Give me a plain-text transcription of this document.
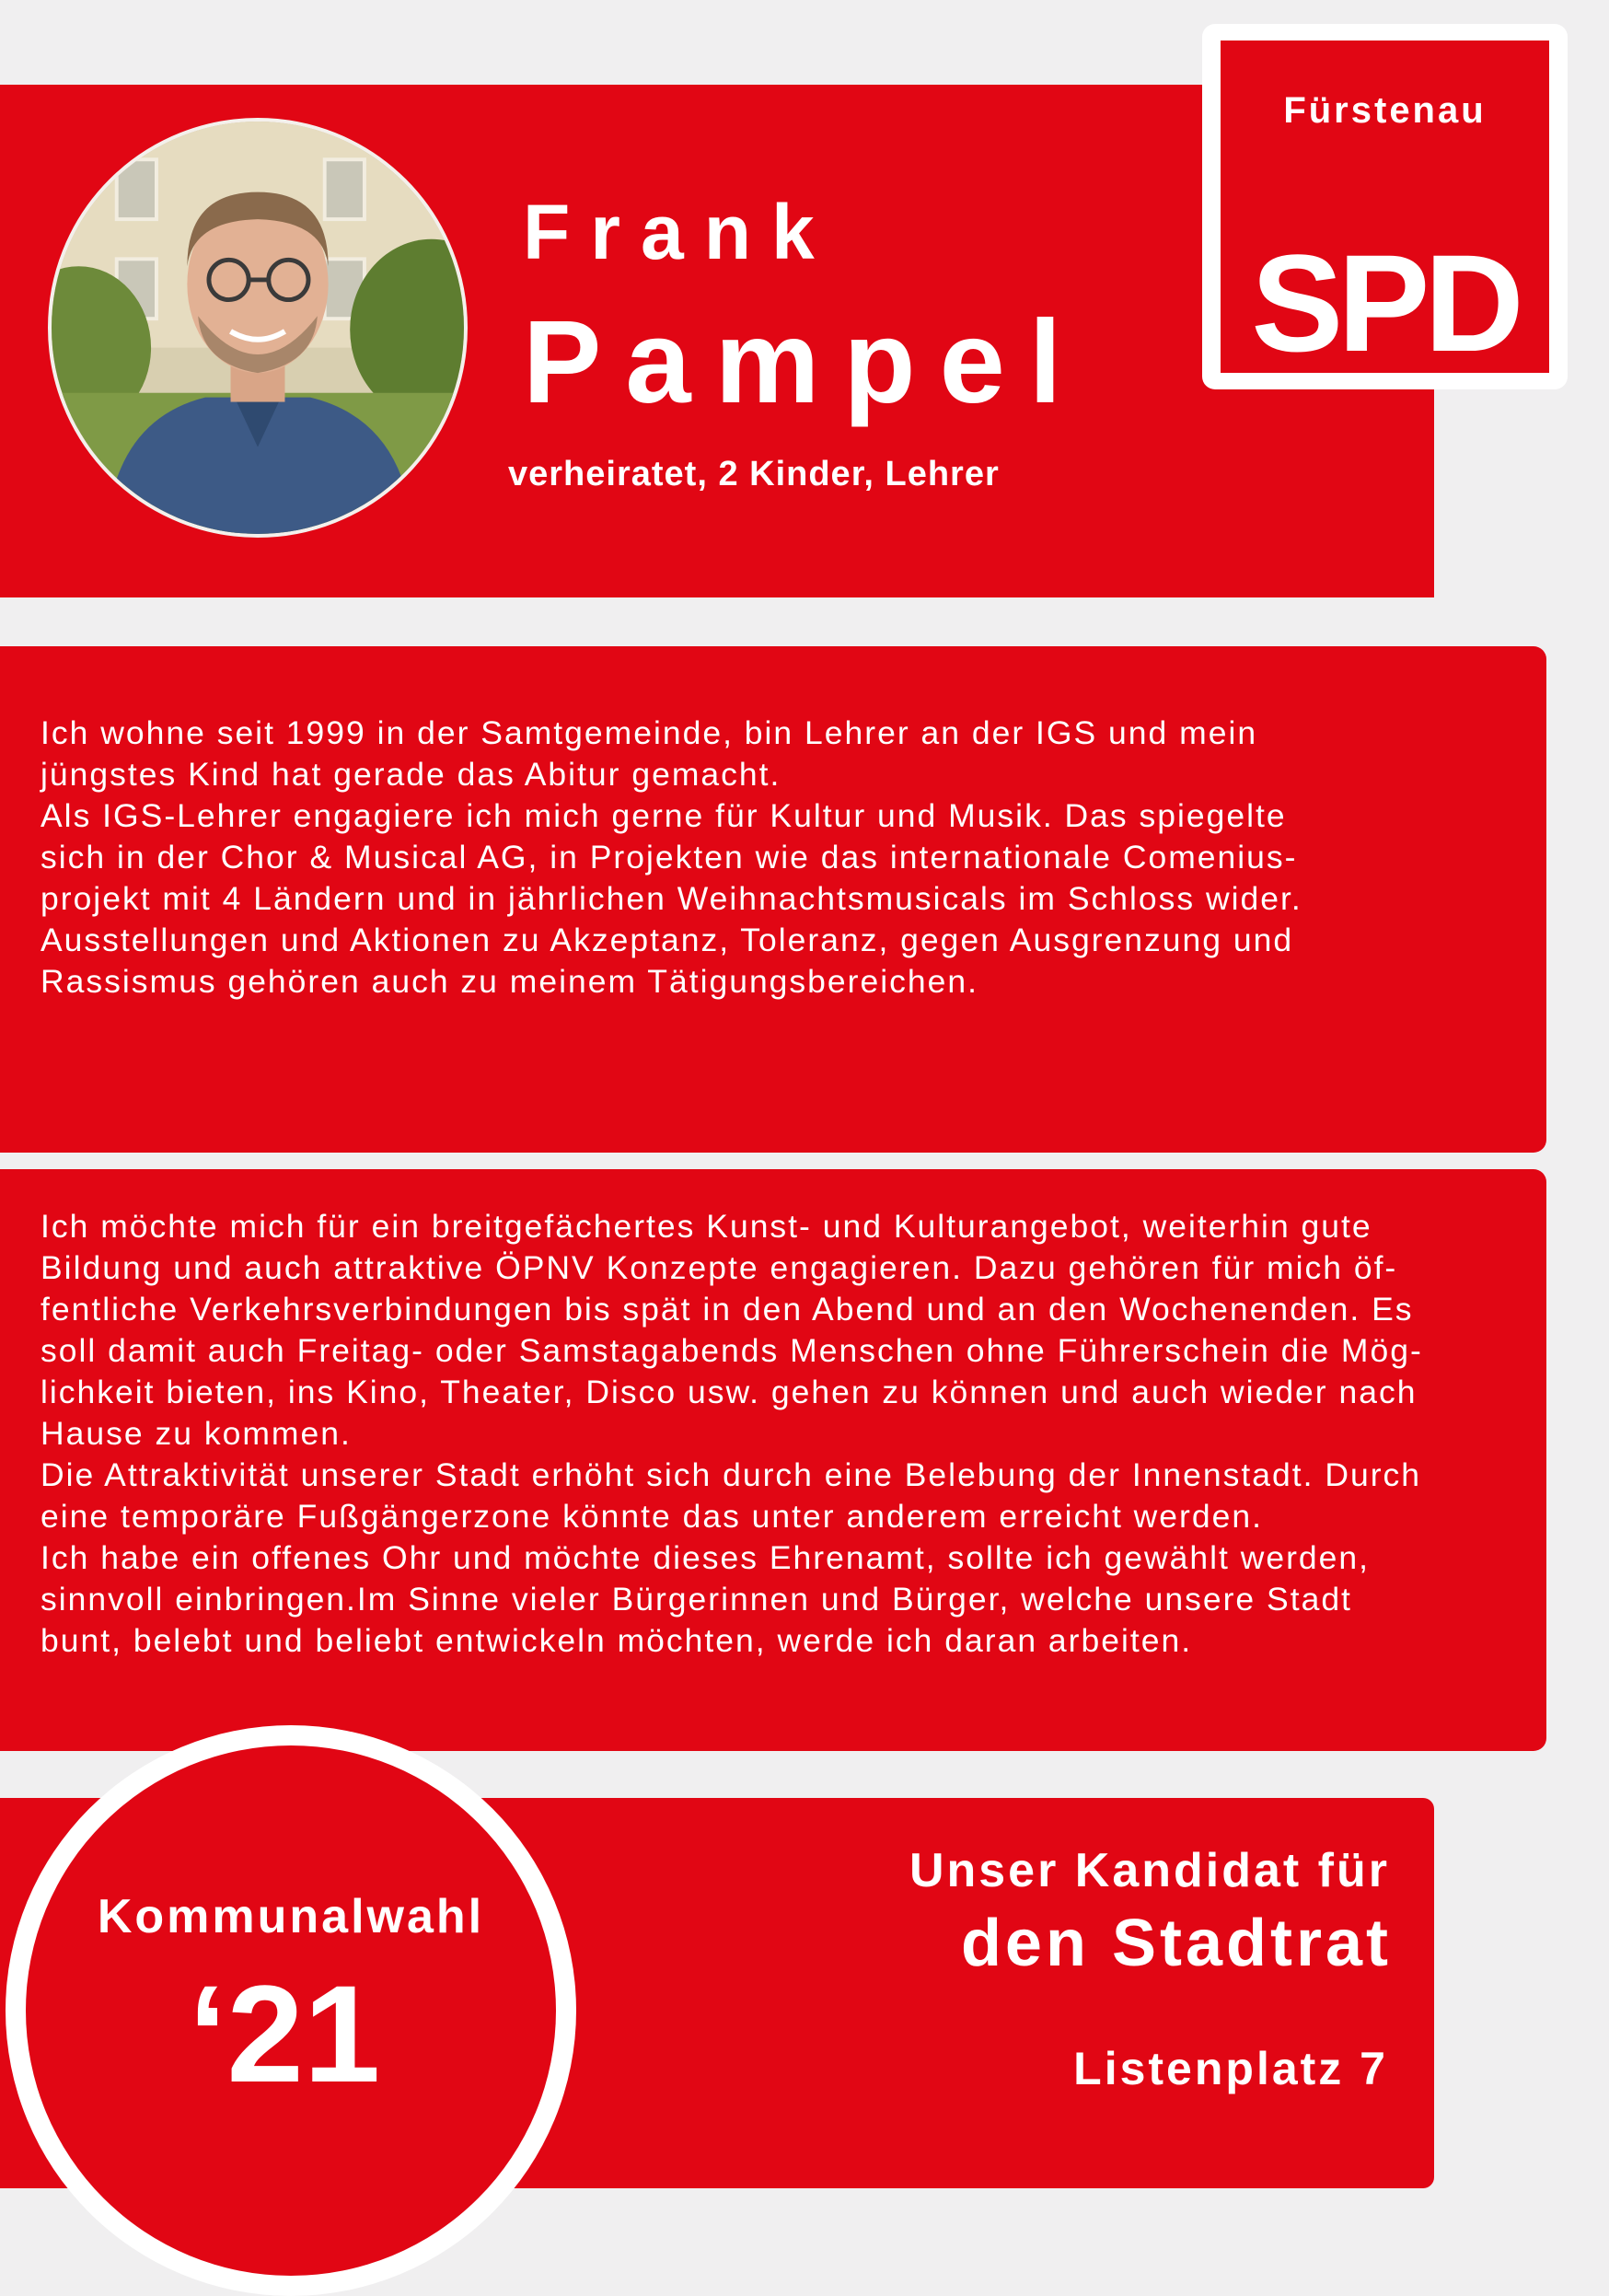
Frank
Pampel
verheiratet, 2 Kinder, Lehrer
Fürstenau
SPD

Ich wohne seit 1999 in der Samtgemeinde, bin Lehrer an der IGS und mein
jüngstes Kind hat gerade das Abitur gemacht.
Als IGS-Lehrer engagiere ich mich gerne für Kultur und Musik. Das spiegelte
sich in der Chor & Musical AG, in Projekten wie das internationale Comenius-
projekt mit 4 Ländern und in jährlichen Weihnachtsmusicals im Schloss wider.
Ausstellungen und Aktionen zu Akzeptanz, Toleranz, gegen Ausgrenzung und
Rassismus gehören auch zu meinem Tätigungsbereichen.

Ich möchte mich für ein breitgefächertes Kunst- und Kulturangebot, weiterhin gute
Bildung und auch attraktive ÖPNV Konzepte engagieren. Dazu gehören für mich öf-
fentliche Verkehrsverbindungen bis spät in den Abend und an den Wochenenden. Es
soll damit auch Freitag- oder Samstagabends Menschen ohne Führerschein die Mög-
lichkeit bieten, ins Kino, Theater, Disco usw. gehen zu können und auch wieder nach
Hause zu kommen.
Die Attraktivität unserer Stadt erhöht sich durch eine Belebung der Innenstadt. Durch
eine temporäre Fußgängerzone könnte das unter anderem erreicht werden.
Ich habe ein offenes Ohr und möchte dieses Ehrenamt, sollte ich gewählt werden,
sinnvoll einbringen.Im Sinne vieler Bürgerinnen und Bürger, welche unsere Stadt
bunt, belebt und beliebt entwickeln möchten, werde ich daran arbeiten.

Kommunalwahl
‘21
Unser Kandidat für
den Stadtrat
Listenplatz 7
